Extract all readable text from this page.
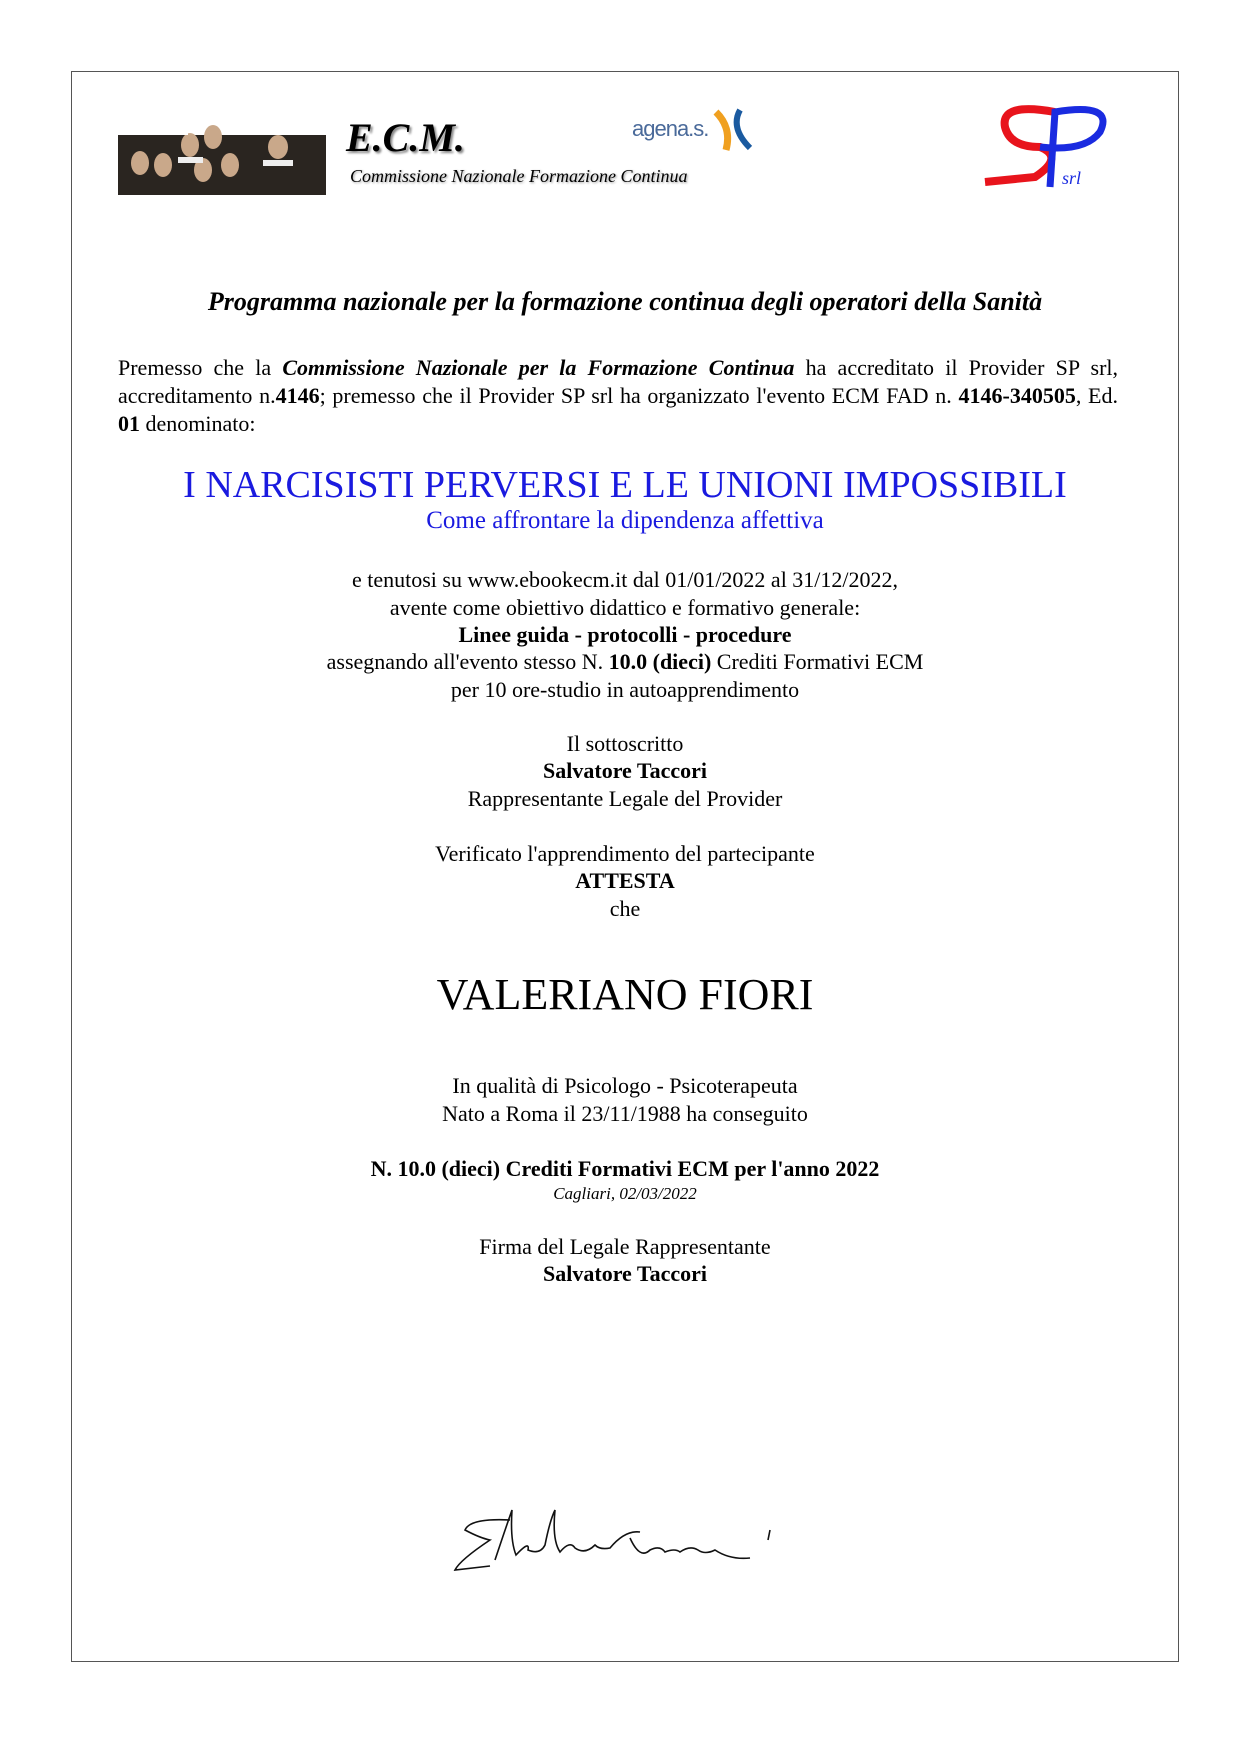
E.C.M.
Commissione Nazionale Formazione Continua
agena.s.
srl
Programma nazionale per la formazione continua degli operatori della Sanità
Premesso che la Commissione Nazionale per la Formazione Continua ha accreditato il Provider SP srl, accreditamento n.4146; premesso che il Provider SP srl ha organizzato l'evento ECM FAD n. 4146-340505, Ed. 01 denominato:
I NARCISISTI PERVERSI E LE UNIONI IMPOSSIBILI
Come affrontare la dipendenza affettiva
e tenutosi su www.ebookecm.it dal 01/01/2022 al 31/12/2022,
avente come obiettivo didattico e formativo generale:
Linee guida - protocolli - procedure
assegnando all'evento stesso N. 10.0 (dieci) Crediti Formativi ECM
per 10 ore-studio in autoapprendimento
Il sottoscritto
Salvatore Taccori
Rappresentante Legale del Provider
Verificato l'apprendimento del partecipante
ATTESTA
che
VALERIANO FIORI
In qualità di Psicologo - Psicoterapeuta
Nato a Roma il 23/11/1988 ha conseguito
N. 10.0 (dieci) Crediti Formativi ECM per l'anno 2022
Cagliari, 02/03/2022
Firma del Legale Rappresentante
Salvatore Taccori
